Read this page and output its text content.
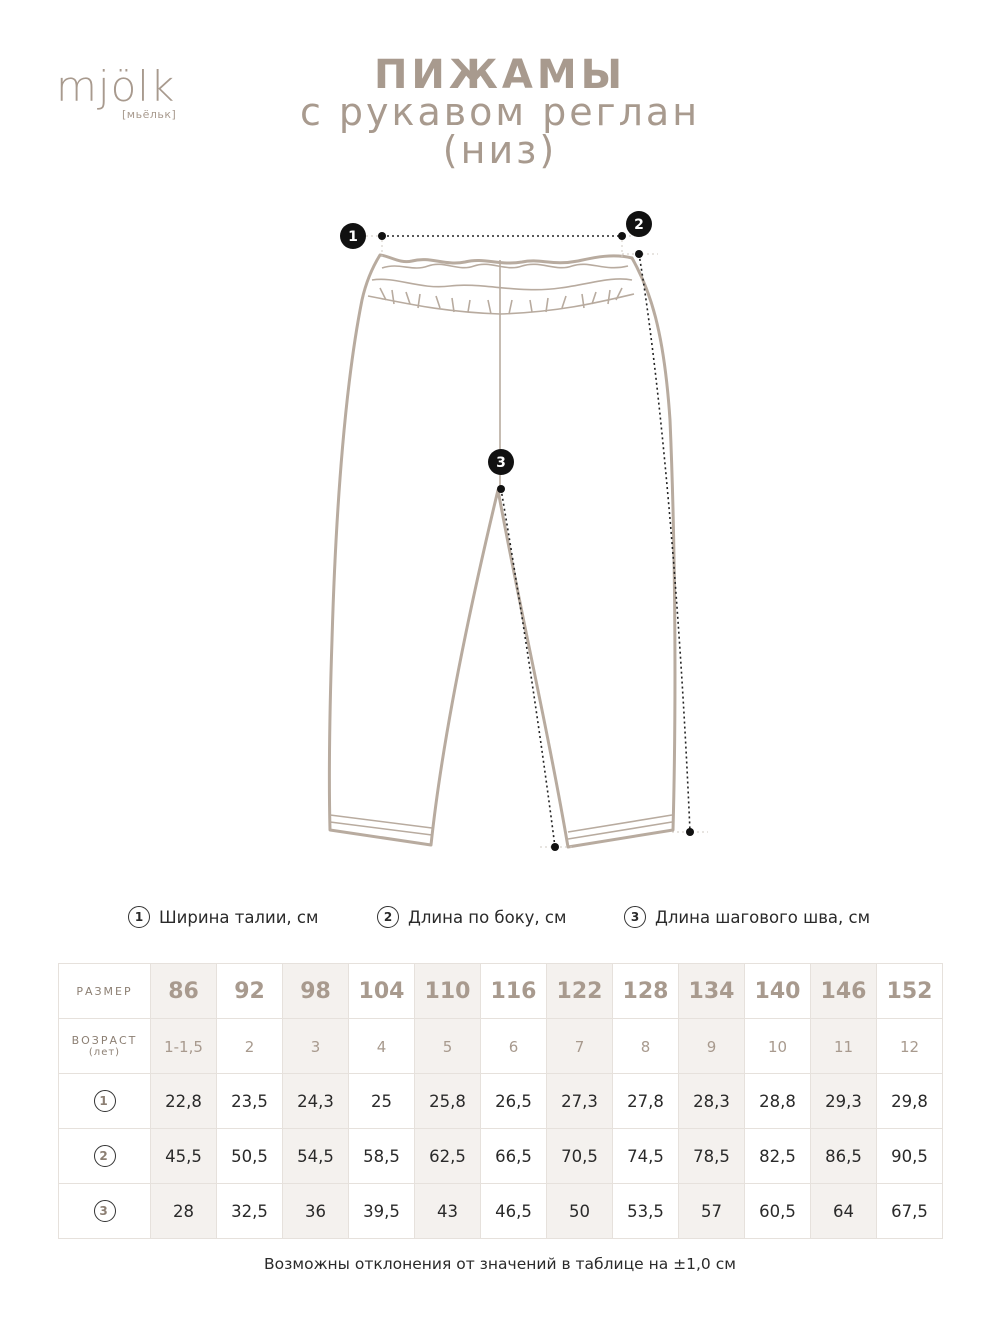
mjölk
[мьёльк]
ПИЖАМЫ
с рукавом реглан
(низ)
1
2
3
1 Ширина талии, см	2 Длина по боку, см	3 Длина шагового шва, см
РАЗМЕР	86	92	98	104	110	116	122	128	134	140	146	152

ВОЗРАСТ
(лет)	1-1,5	2	3	4	5	6	7	8	9	10	11	12
1	22,8	23,5	24,3	25	25,8	26,5	27,3	27,8	28,3	28,8	29,3	29,8
2	45,5	50,5	54,5	58,5	62,5	66,5	70,5	74,5	78,5	82,5	86,5	90,5
3	28	32,5	36	39,5	43	46,5	50	53,5	57	60,5	64	67,5
Возможны отклонения от значений в таблице на ±1,0 см
